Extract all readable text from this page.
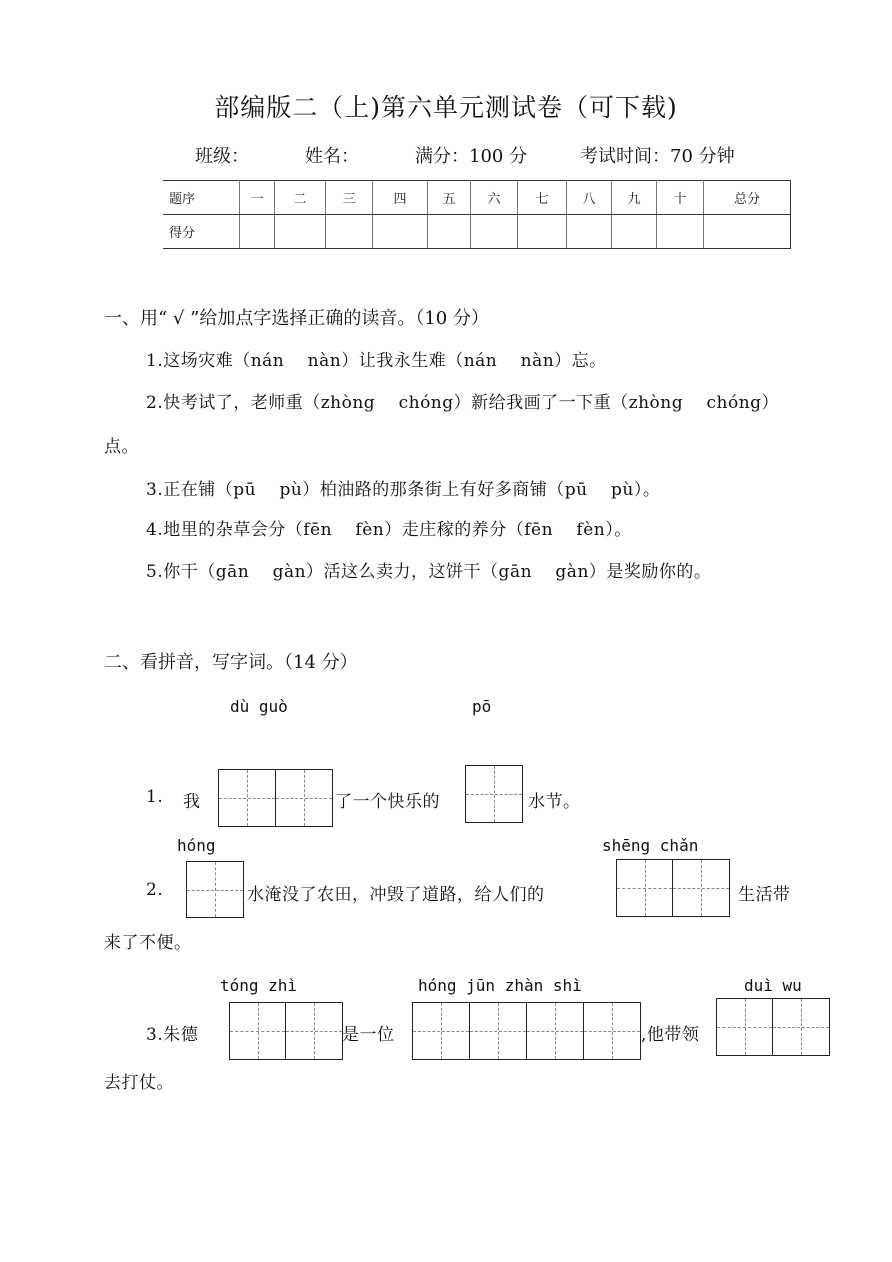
部编版二（上)第六单元测试卷（可下载)
班级：	姓名：	满分：100 分	考试时间：70 分钟
题序	一	二	三	四	五	六	七	八	九	十	总分
得分											
一、用“ √ ”给加点字选择正确的读音。（10 分）
1.这场灾难（nán　 nàn）让我永生难（nán　 nàn）忘。
2.快考试了，老师重（zhòng　 chóng）新给我画了一下重（zhòng　 chóng）
点。
3.正在铺（pū　 pù）柏油路的那条街上有好多商铺（pū　 pù）。
4.地里的杂草会分（fēn　 fèn）走庄稼的养分（fēn　 fèn）。
5.你干（gān　 gàn）活这么卖力，这饼干（gān　 gàn）是奖励你的。
二、看拼音，写字词。（14 分）
dù guò	pō
1. 我	了一个快乐的	水节。
hóng	shēng chǎn
2.	水淹没了农田，冲毁了道路，给人们的	生活带
来了不便。
tóng zhì	hóng jūn zhàn shì	duì wu
3.朱德	是一位	,他带领
去打仗。
